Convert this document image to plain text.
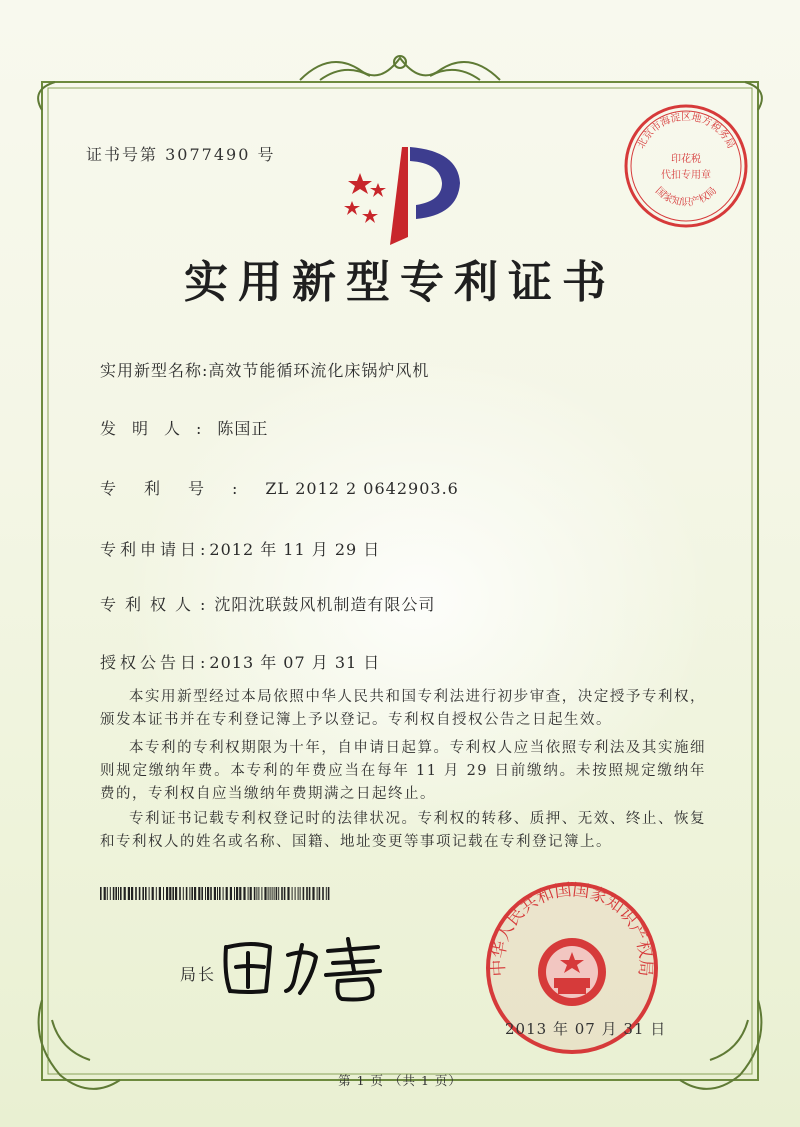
证书号第 3077490 号
北京市海淀区地方税务局
印花税
代扣专用章
国家知识产权局
实用新型专利证书
实用新型名称:高效节能循环流化床锅炉风机
发明人:陈国正
专利号:ZL 2012 2 0642903.6
专利申请日:2012 年 11 月 29 日
专利权人:沈阳沈联鼓风机制造有限公司
授权公告日:2013 年 07 月 31 日

本实用新型经过本局依照中华人民共和国专利法进行初步审查，决定授予专利权，颁发本证书并在专利登记簿上予以登记。专利权自授权公告之日起生效。

本专利的专利权期限为十年，自申请日起算。专利权人应当依照专利法及其实施细则规定缴纳年费。本专利的年费应当在每年 11 月 29 日前缴纳。未按照规定缴纳年费的，专利权自应当缴纳年费期满之日起终止。

专利证书记载专利权登记时的法律状况。专利权的转移、质押、无效、终止、恢复和专利权人的姓名或名称、国籍、地址变更等事项记载在专利登记簿上。

局长	中华人民共和国国家知识产权局
2013 年 07 月 31 日
第 1 页 （共 1 页）
